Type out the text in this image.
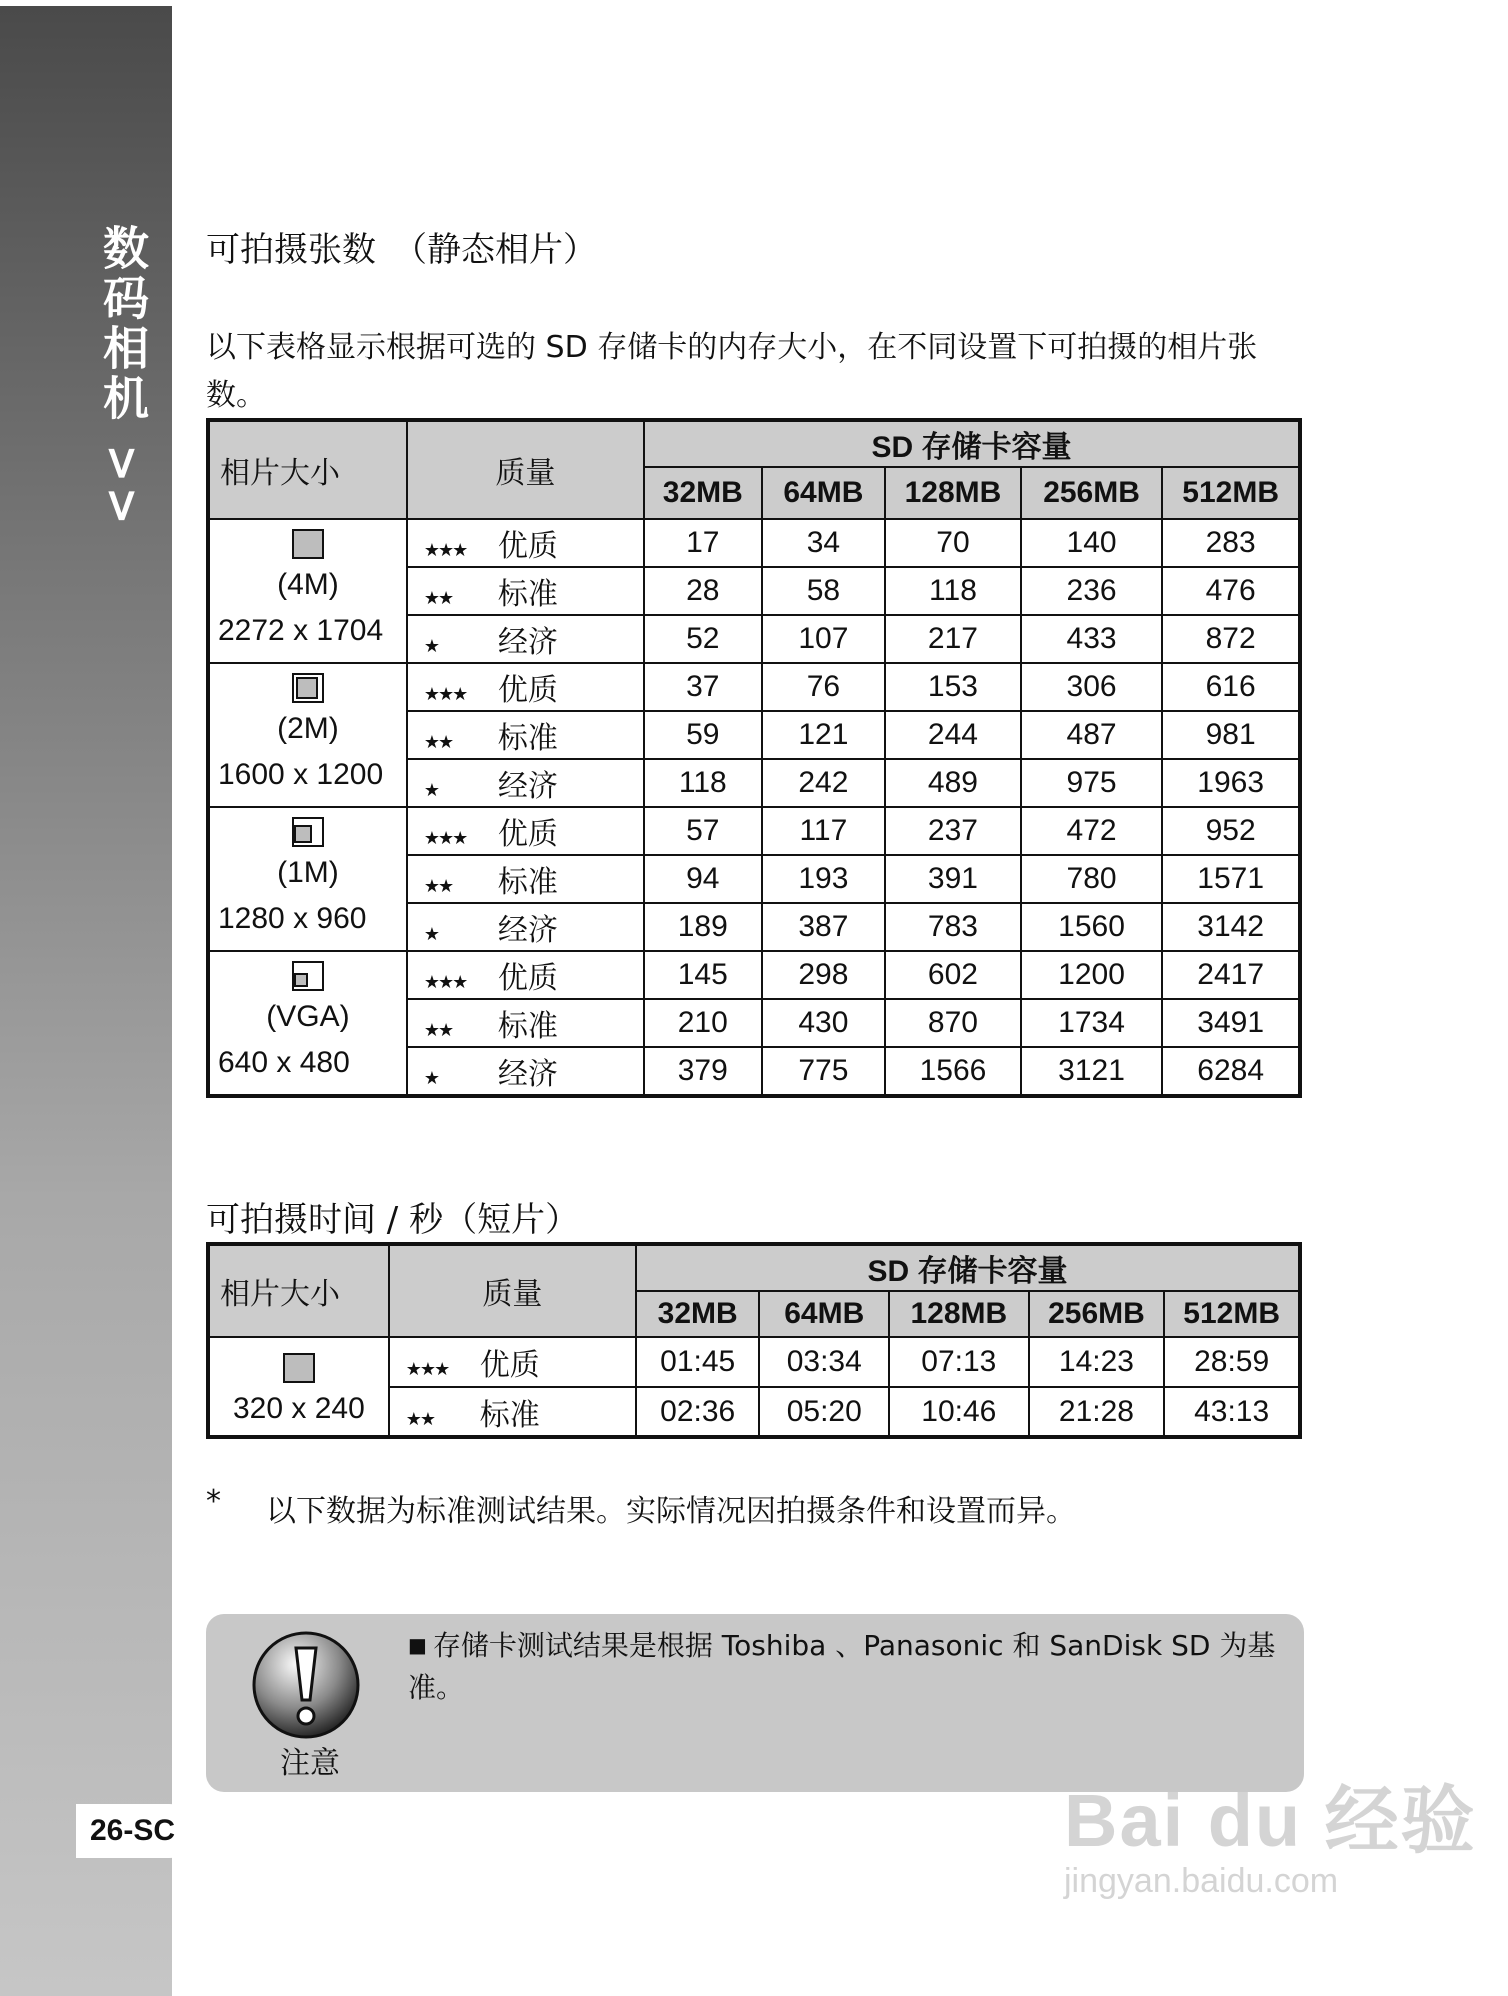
数码相机 >>
26-SC
可拍摄张数　（静态相片）
以下表格显示根据可选的 SD 存储卡的内存大小，在不同设置下可拍摄的相片张数。
相片大小	质量	SD 存储卡容量				
		32MB	64MB	128MB	256MB	512MB

(4M)
2272 x 1704	★★★ 优质	17	34	70	140	283
	★★ 标准	28	58	118	236	476
	★ 经济	52	107	217	433	872

(2M)
1600 x 1200	★★★ 优质	37	76	153	306	616
	★★ 标准	59	121	244	487	981
	★ 经济	118	242	489	975	1963

(1M)
1280 x 960	★★★ 优质	57	117	237	472	952
	★★ 标准	94	193	391	780	1571
	★ 经济	189	387	783	1560	3142

(VGA)
640 x 480	★★★ 优质	145	298	602	1200	2417
	★★ 标准	210	430	870	1734	3491
	★ 经济	379	775	1566	3121	6284
可拍摄时间 / 秒（短片）
相片大小	质量	SD 存储卡容量				
		32MB	64MB	128MB	256MB	512MB

320 x 240	★★★ 优质	01:45	03:34	07:13	14:23	28:59
	★★ 标准	02:36	05:20	10:46	21:28	43:13
* 以下数据为标准测试结果。实际情况因拍摄条件和设置而异。
注意
■ 存储卡测试结果是根据 Toshiba 、Panasonic 和 SanDisk SD 为基准。
Bai du 经验
jingyan.baidu.com
